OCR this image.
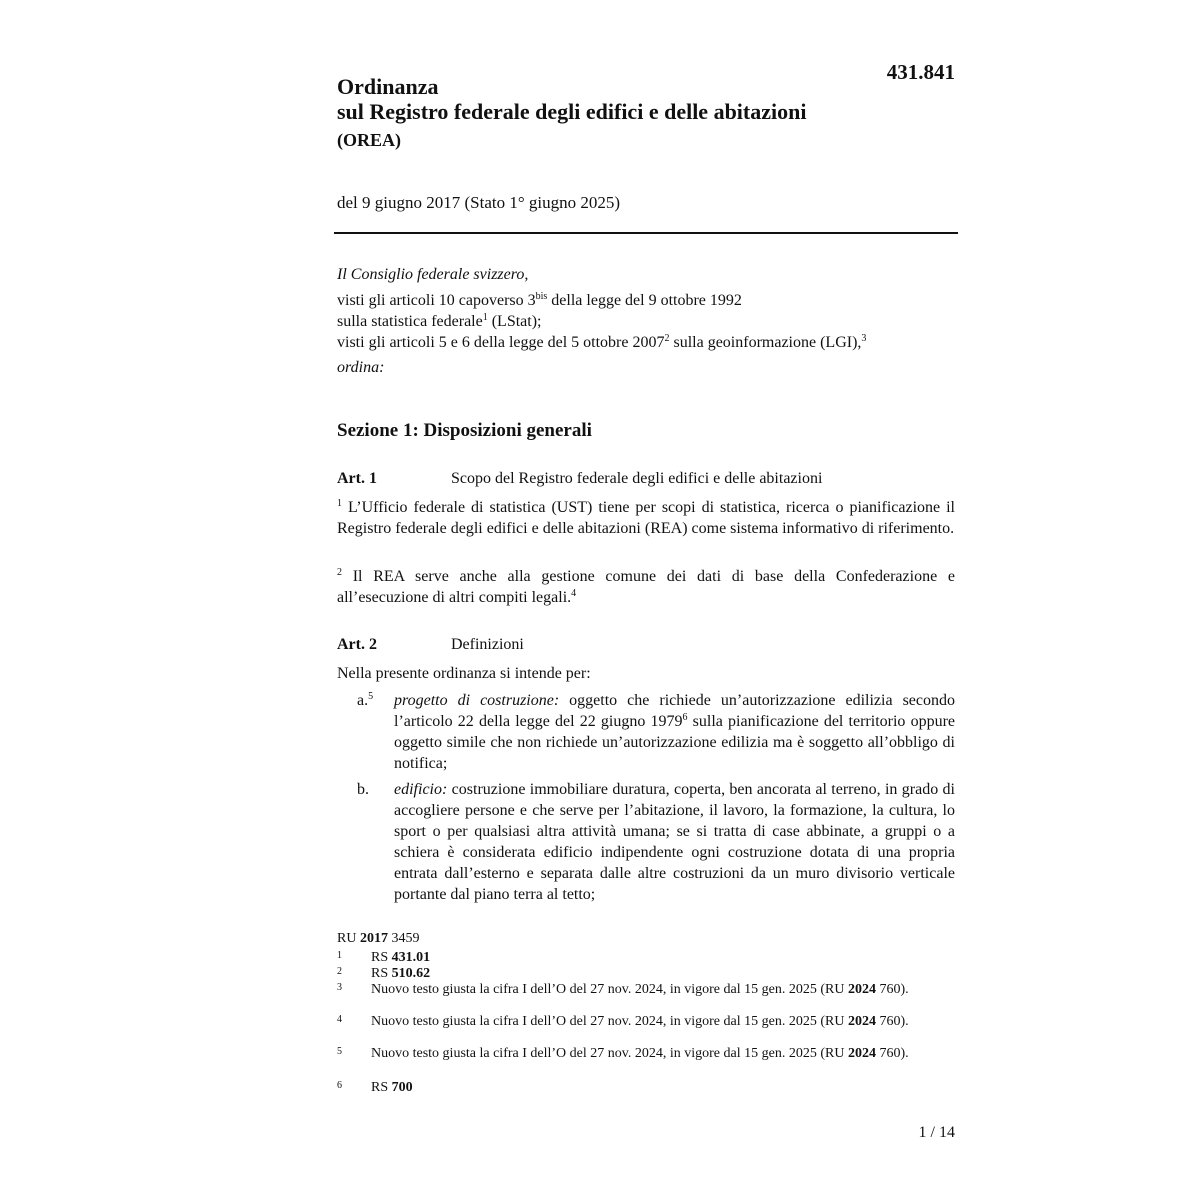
431.841
Ordinanza
sul Registro federale degli edifici e delle abitazioni
(OREA)
del 9 giugno 2017 (Stato 1° giugno 2025)
Il Consiglio federale svizzero,
visti gli articoli 10 capoverso $3^{bis}$ della legge del 9 ottobre 1992
sulla statistica federale$^1$ (LStat);
visti gli articoli 5 e 6 della legge del 5 ottobre 2007$^2$ sulla geoinformazione (LGI),$^3$
ordina:
Sezione 1: Disposizioni generali
Art. 1	Scopo del Registro federale degli edifici e delle abitazioni
$^1$ L’Ufficio federale di statistica (UST) tiene per scopi di statistica, ricerca o pianificazione il Registro federale degli edifici e delle abitazioni (REA) come sistema informativo di riferimento.
$^2$ Il REA serve anche alla gestione comune dei dati di base della Confederazione e all’esecuzione di altri compiti legali.$^4$
Art. 2	Definizioni
Nella presente ordinanza si intende per:
a.$^5$ progetto di costruzione: oggetto che richiede un’autorizzazione edilizia secondo l’articolo 22 della legge del 22 giugno 1979$^6$ sulla pianificazione del territorio oppure oggetto simile che non richiede un’autorizzazione edilizia ma è soggetto all’obbligo di notifica;
b. edificio: costruzione immobiliare duratura, coperta, ben ancorata al terreno, in grado di accogliere persone e che serve per l’abitazione, il lavoro, la formazione, la cultura, lo sport o per qualsiasi altra attività umana; se si tratta di case abbinate, a gruppi o a schiera è considerata edificio indipendente ogni costruzione dotata di una propria entrata dall’esterno e separata dalle altre costruzioni da un muro divisorio verticale portante dal piano terra al tetto;
RU 2017 3459
1 RS 431.01
2 RS 510.62
3 Nuovo testo giusta la cifra I dell’O del 27 nov. 2024, in vigore dal 15 gen. 2025 (RU 2024 760).
4 Nuovo testo giusta la cifra I dell’O del 27 nov. 2024, in vigore dal 15 gen. 2025 (RU 2024 760).
5 Nuovo testo giusta la cifra I dell’O del 27 nov. 2024, in vigore dal 15 gen. 2025 (RU 2024 760).
6 RS 700
1 / 14
